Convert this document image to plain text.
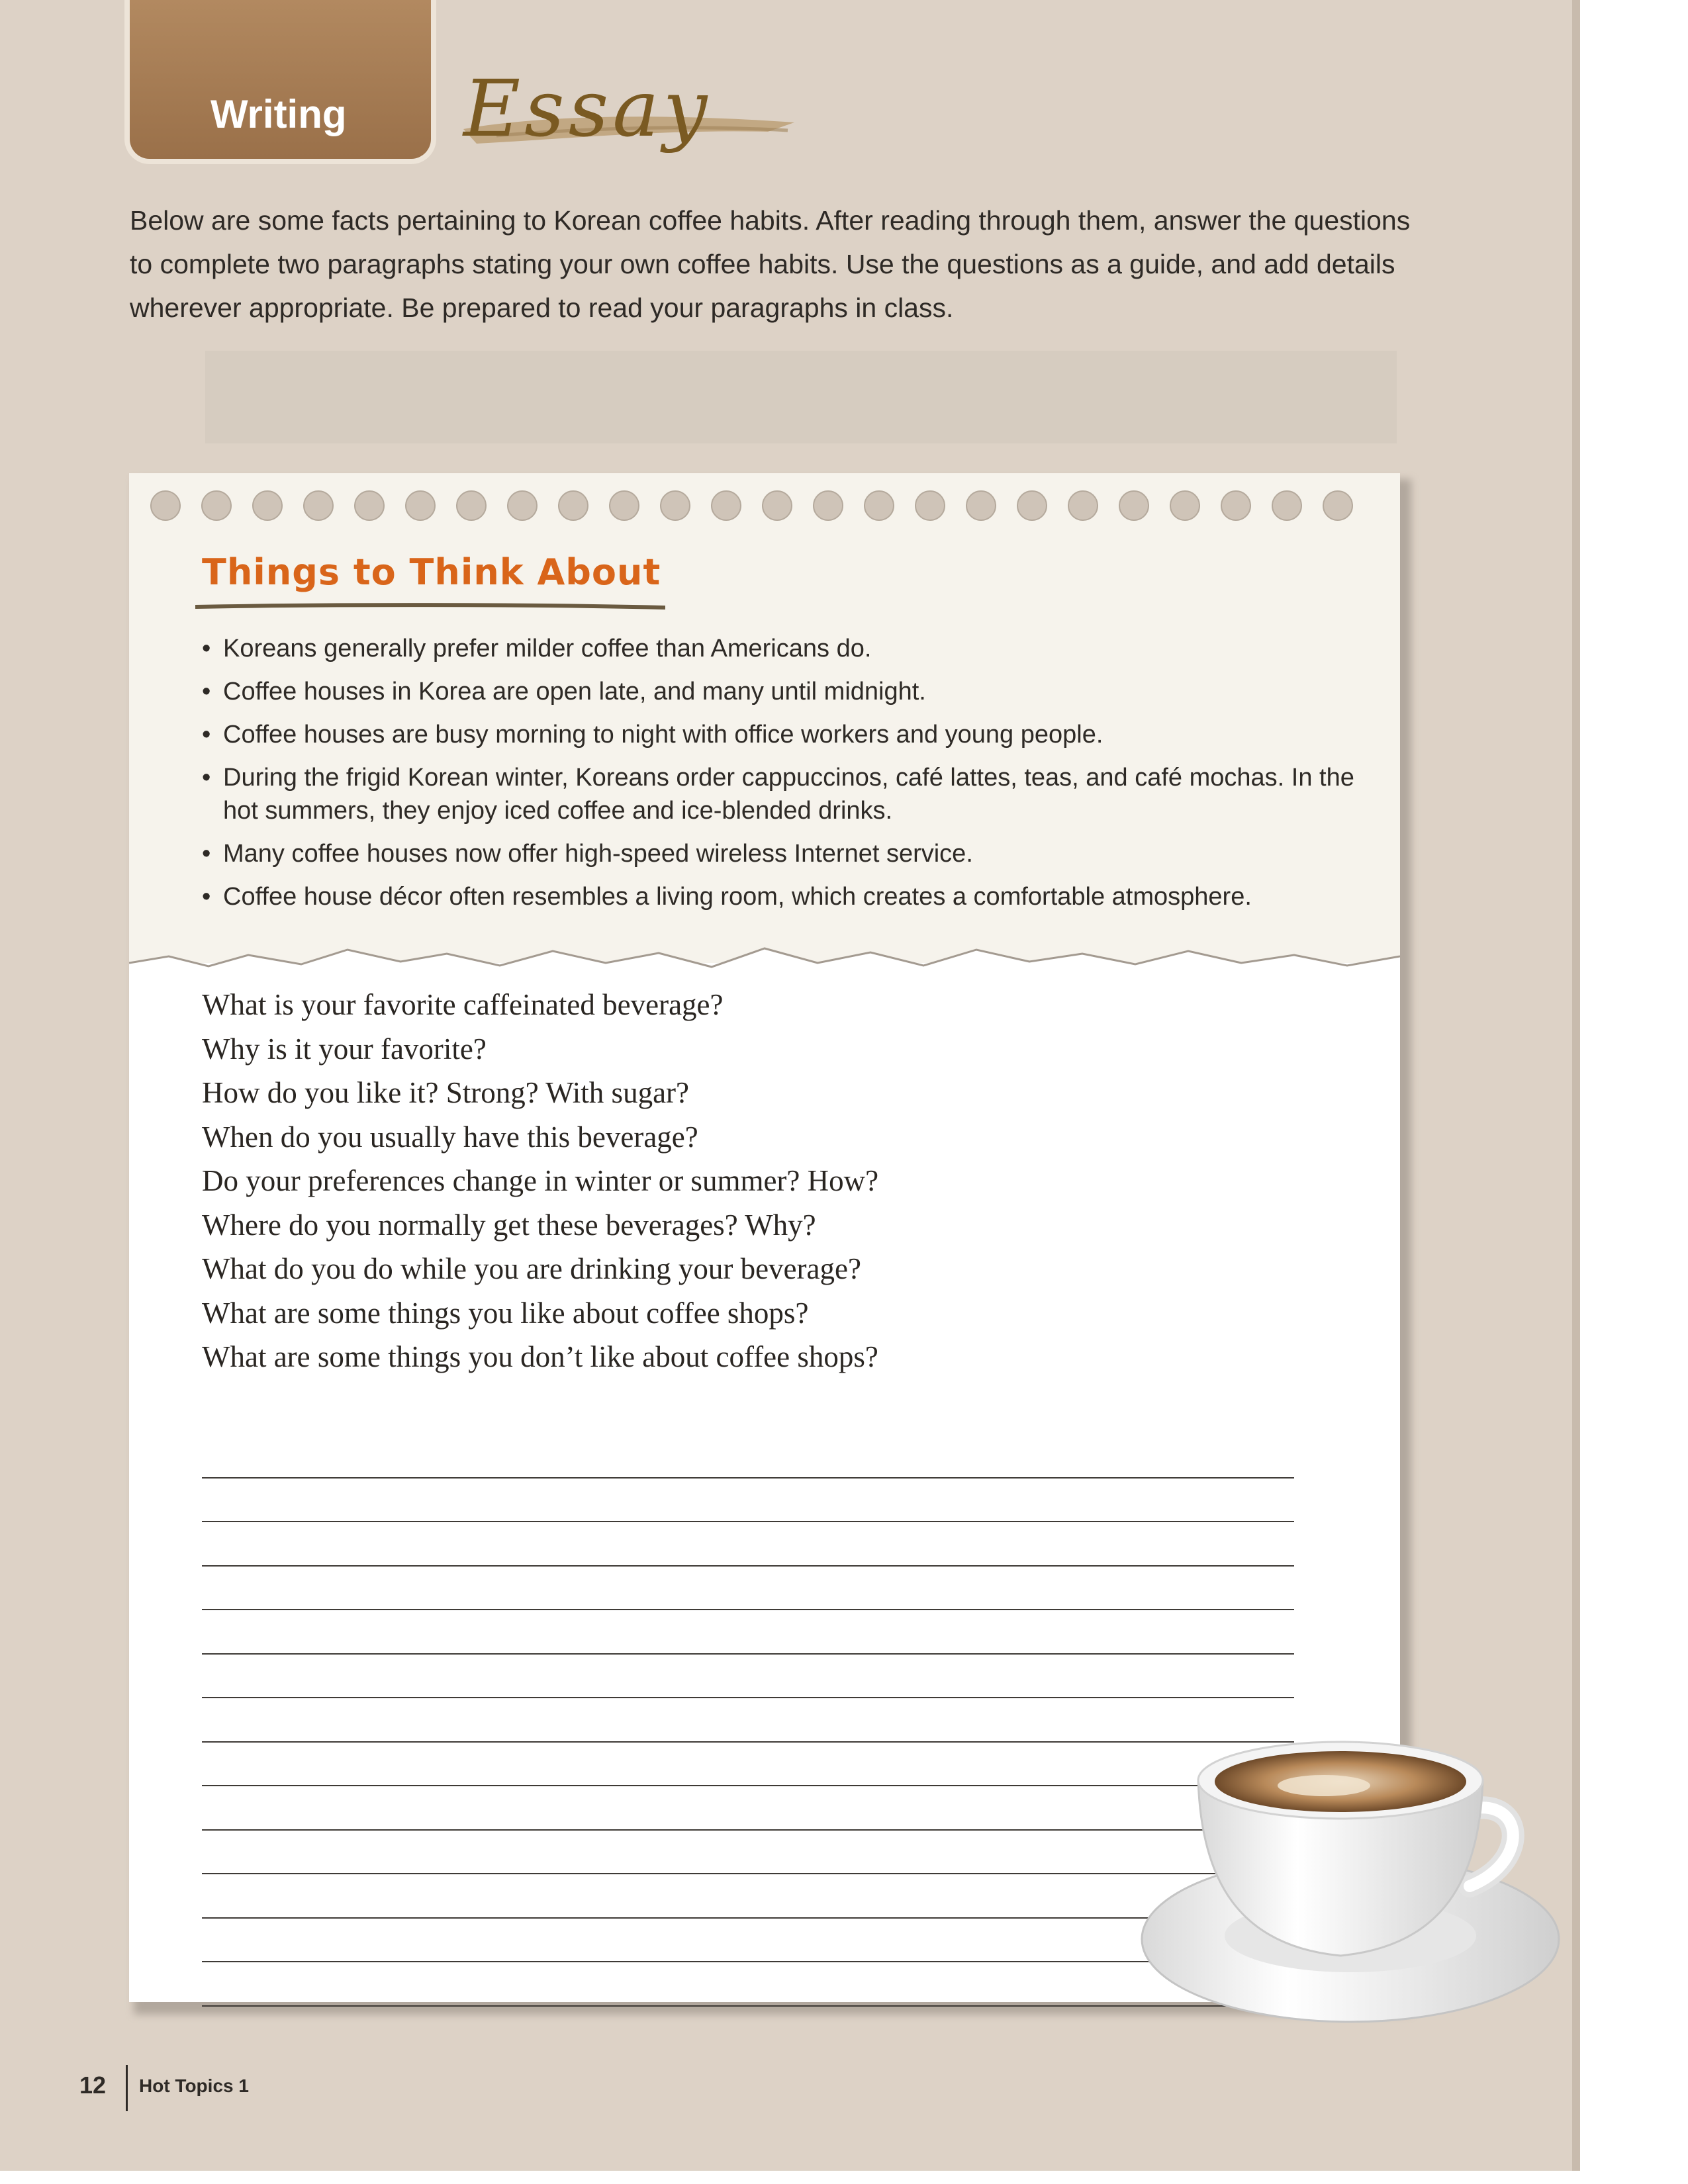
Writing Essay
Below are some facts pertaining to Korean coffee habits. After reading through them, answer the questions to complete two paragraphs stating your own coffee habits. Use the questions as a guide, and add details wherever appropriate. Be prepared to read your paragraphs in class.
Things to Think About
• Koreans generally prefer milder coffee than Americans do.
• Coffee houses in Korea are open late, and many until midnight.
• Coffee houses are busy morning to night with office workers and young people.
• During the frigid Korean winter, Koreans order cappuccinos, café lattes, teas, and café mochas. In the hot summers, they enjoy iced coffee and ice-blended drinks.
• Many coffee houses now offer high-speed wireless Internet service.
• Coffee house décor often resembles a living room, which creates a comfortable atmosphere.
What is your favorite caffeinated beverage?
Why is it your favorite?
How do you like it? Strong? With sugar?
When do you usually have this beverage?
Do your preferences change in winter or summer? How?
Where do you normally get these beverages? Why?
What do you do while you are drinking your beverage?
What are some things you like about coffee shops?
What are some things you don’t like about coffee shops?
12 Hot Topics 1
